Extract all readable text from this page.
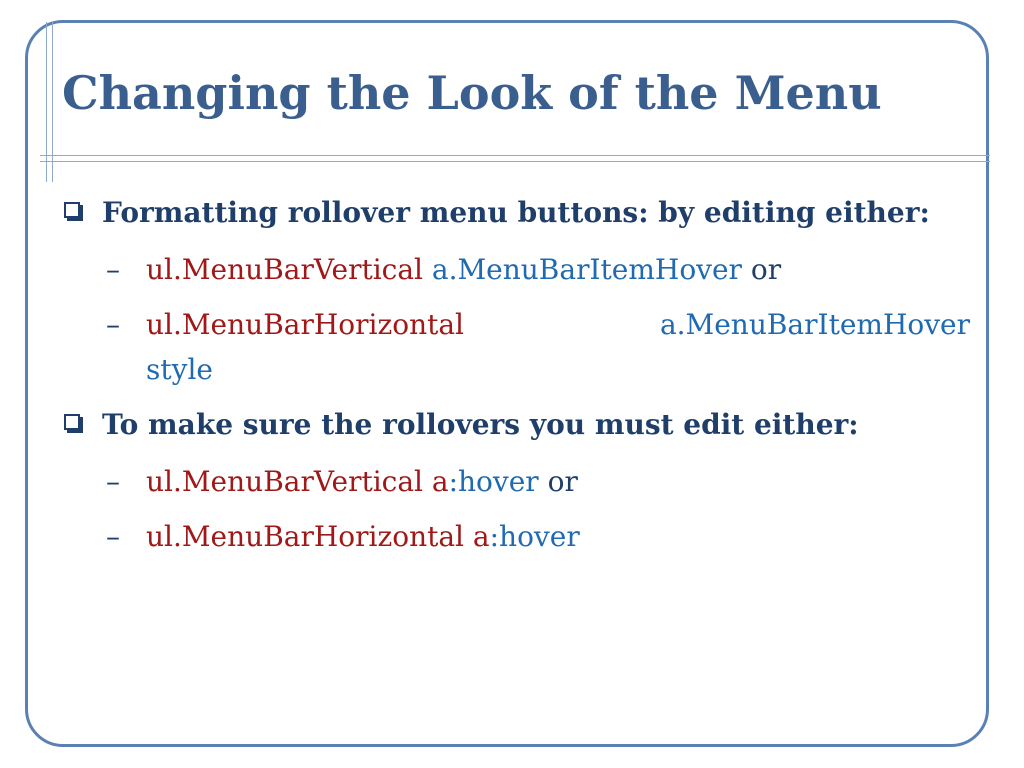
Changing the Look of the Menu
Formatting rollover menu buttons: by editing either:
– ul.MenuBarVertical a.MenuBarItemHover or
– ul.MenuBarHorizontal	a.MenuBarItemHover
style
To make sure the rollovers you must edit either:
– ul.MenuBarVertical a:hover or
– ul.MenuBarHorizontal a:hover
